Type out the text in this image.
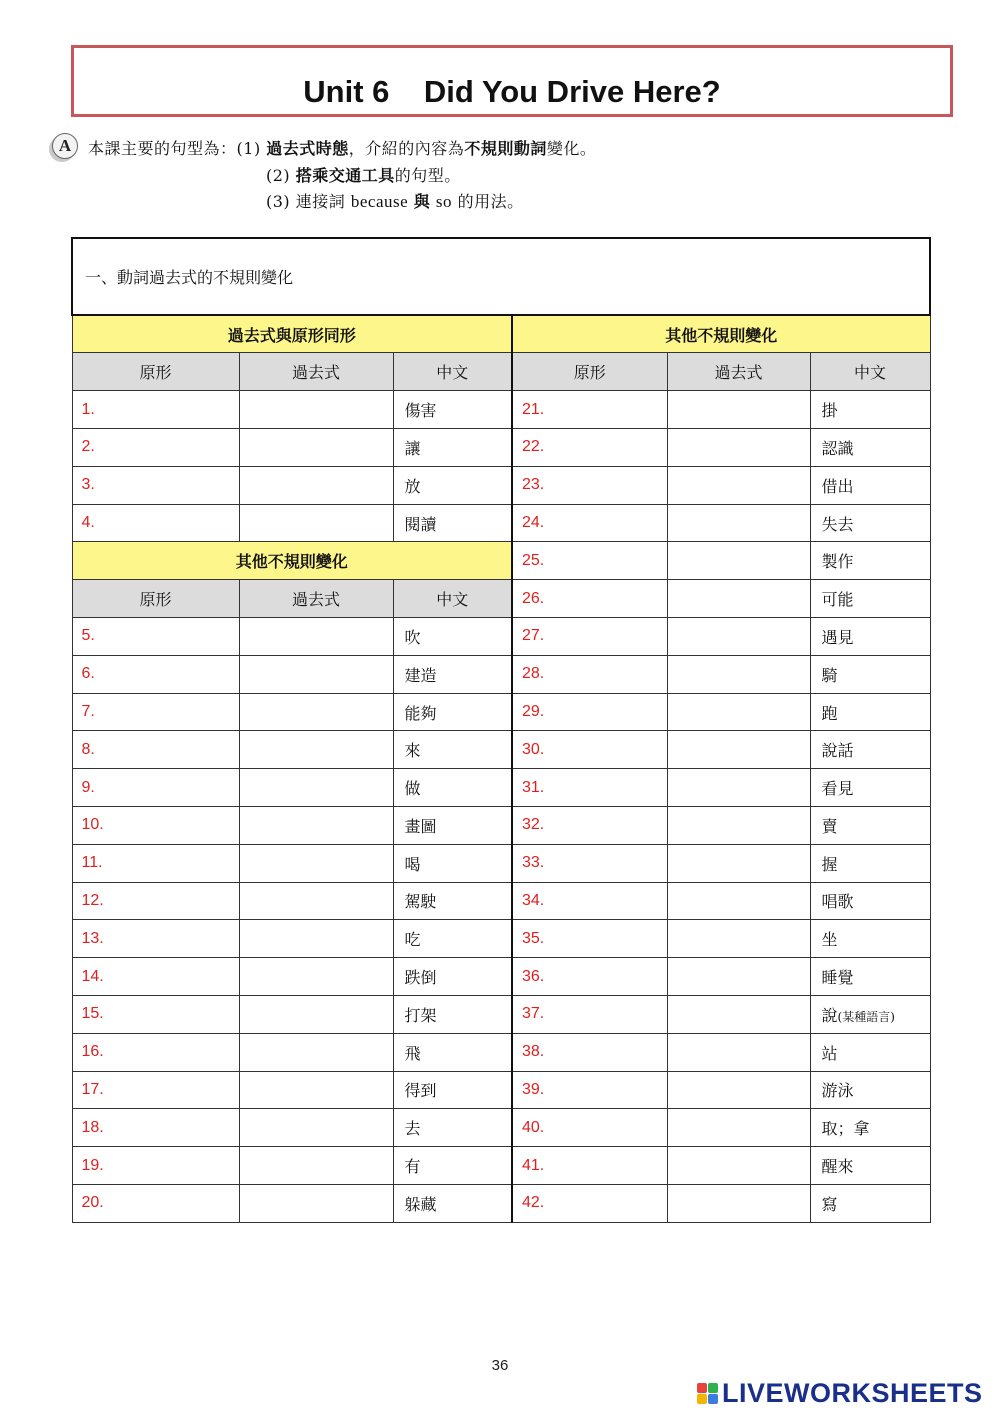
Unit 6    Did You Drive Here?
A	本課主要的句型為：(1) 過去式時態，介紹的內容為不規則動詞變化。
(2) 搭乘交通工具的句型。
(3) 連接詞 because 與 so 的用法。
一、動詞過去式的不規則變化					
過去式與原形同形			其他不規則變化		
原形	過去式	中文	原形	過去式	中文
1.		傷害	21.		掛
2.		讓	22.		認識
3.		放	23.		借出
4.		閱讀	24.		失去
其他不規則變化			25.		製作
原形	過去式	中文	26.		可能
5.		吹	27.		遇見
6.		建造	28.		騎
7.		能夠	29.		跑
8.		來	30.		說話
9.		做	31.		看見
10.		畫圖	32.		賣
11.		喝	33.		握
12.		駕駛	34.		唱歌
13.		吃	35.		坐
14.		跌倒	36.		睡覺
15.		打架	37.		說(某種語言)
16.		飛	38.		站
17.		得到	39.		游泳
18.		去	40.		取；拿
19.		有	41.		醒來
20.		躲藏	42.		寫
36
LIVEWORKSHEETS
